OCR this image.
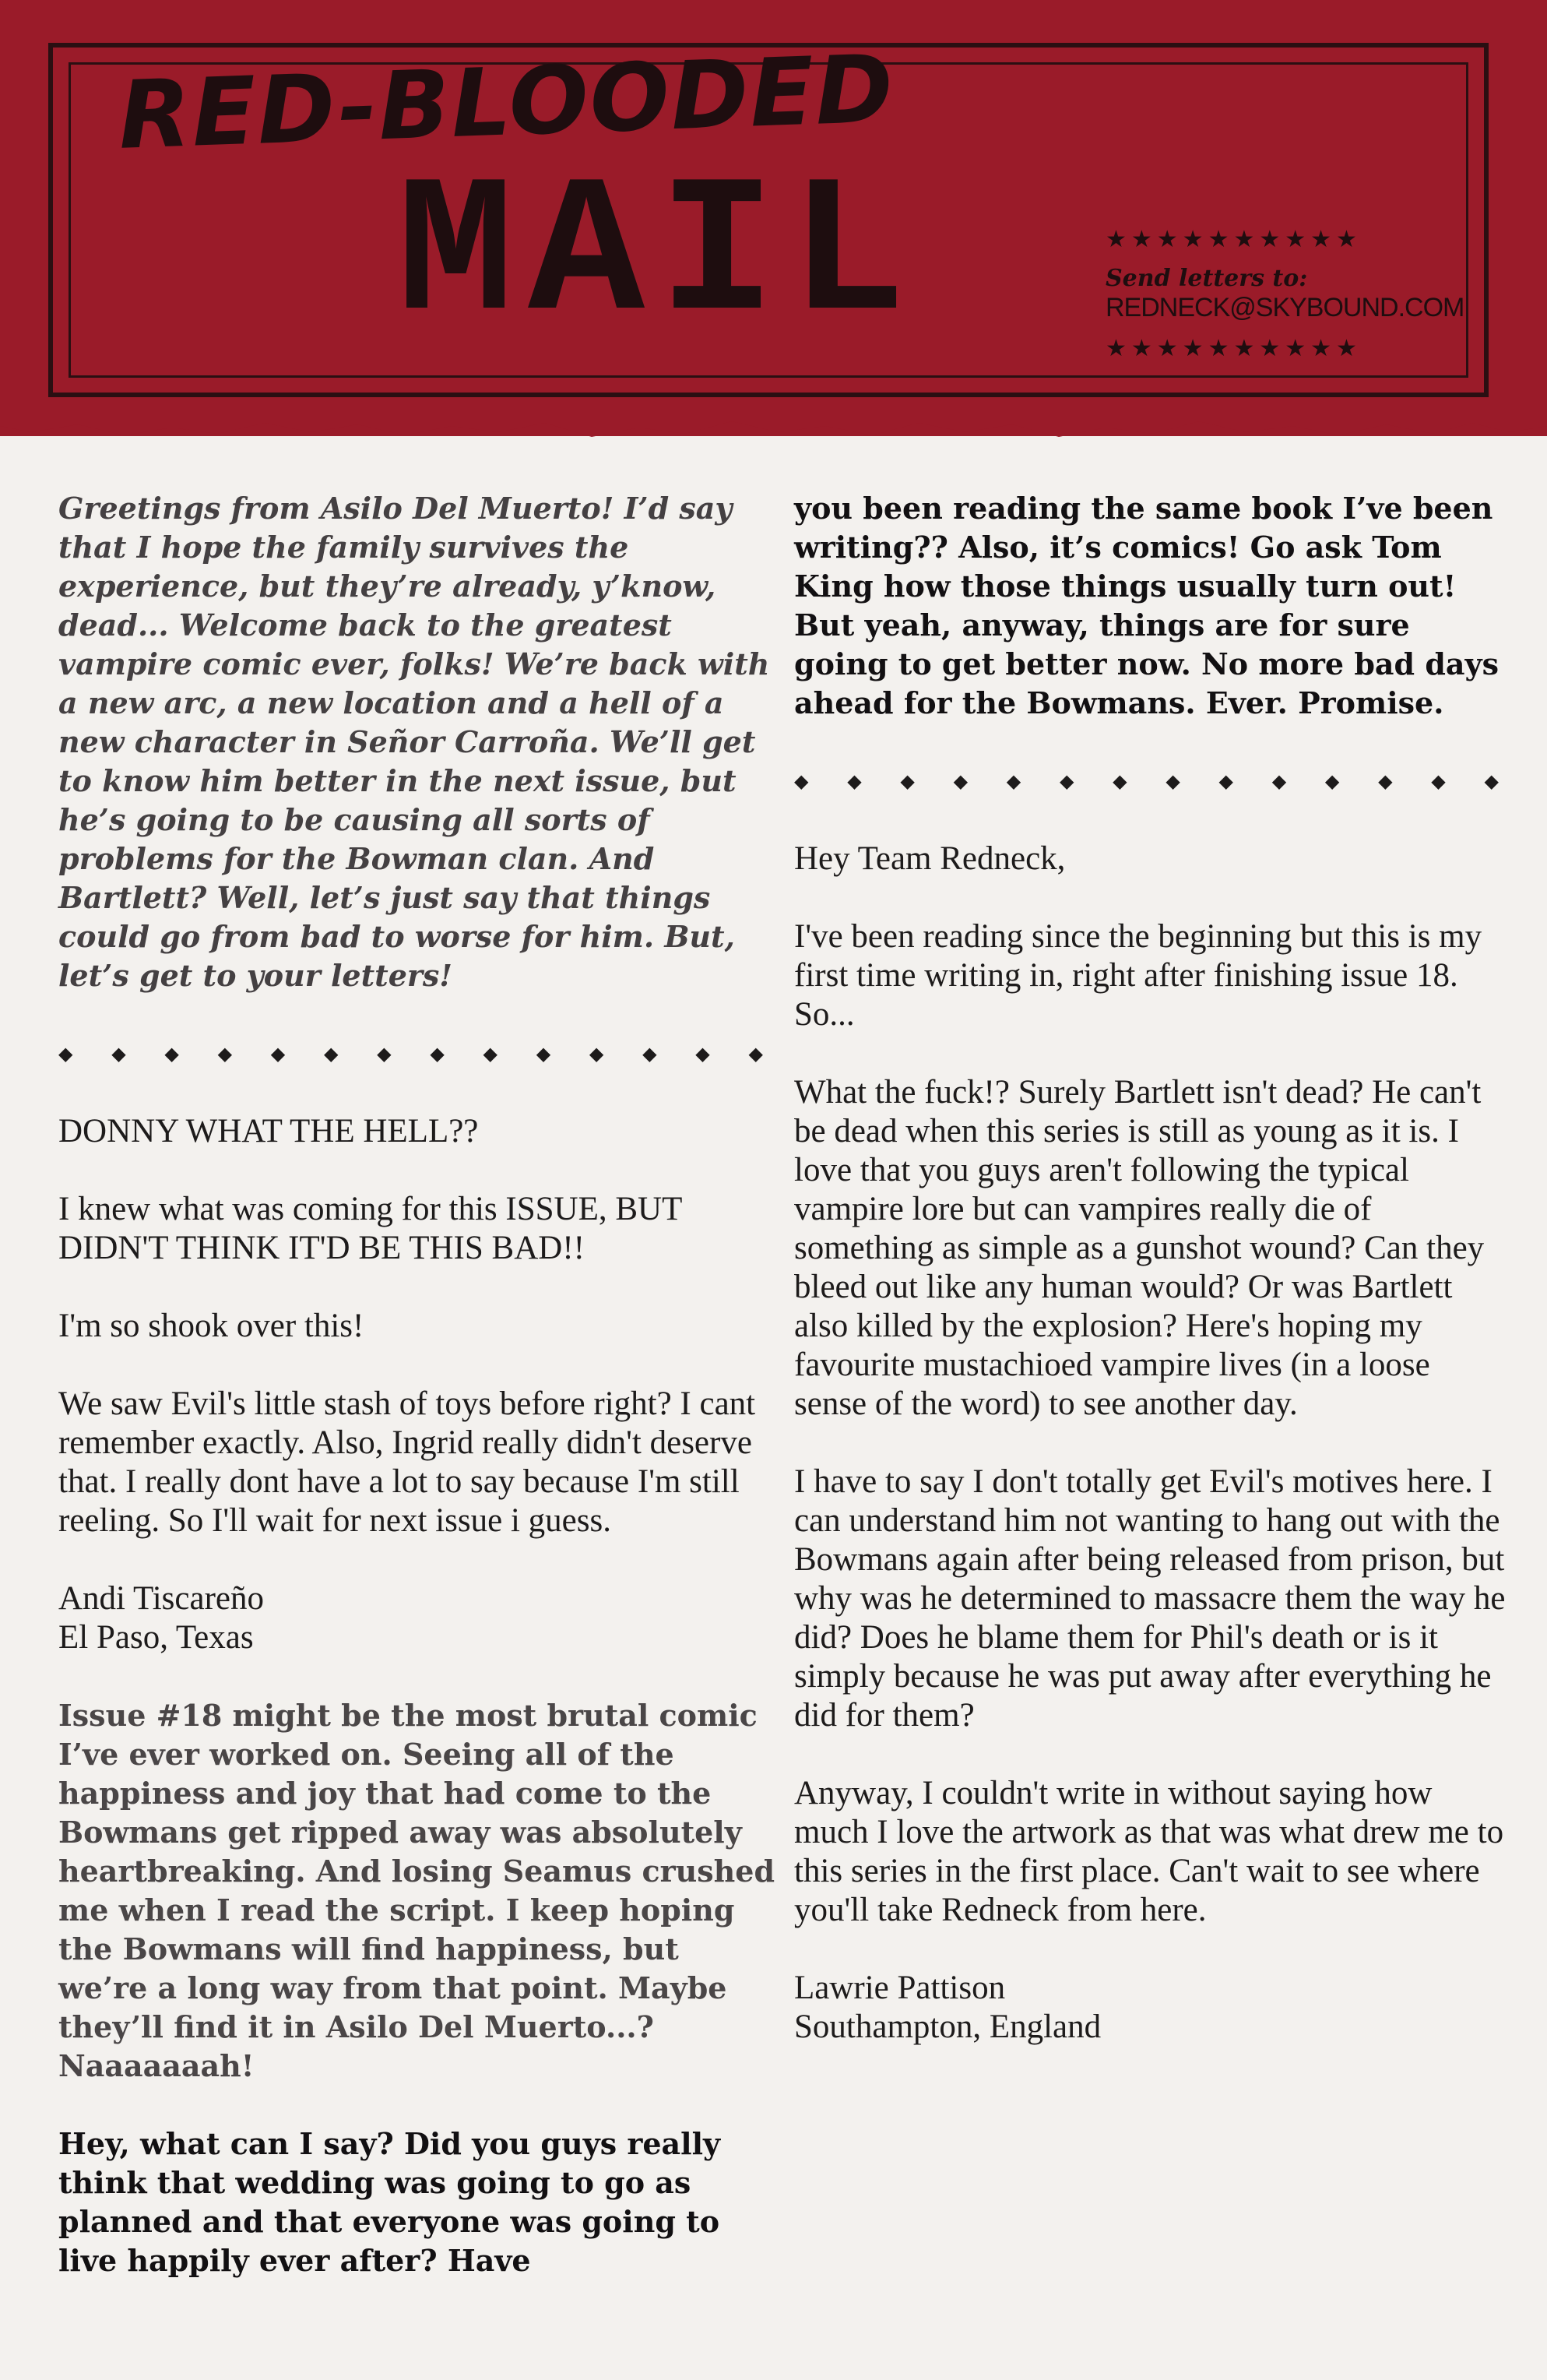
RED-BLOODED
MAIL	★★★★★★★★★★
Send letters to:
REDNECK@SKYBOUND.COM
★★★★★★★★★★

Greetings from Asilo Del Muerto! I’d say that I hope the family survives the experience, but they’re already, y’know, dead... Welcome back to the greatest vampire comic ever, folks! We’re back with a new arc, a new location and a hell of a new character in Señor Carroña. We’ll get to know him better in the next issue, but he’s going to be causing all sorts of problems for the Bowman clan. And Bartlett? Well, let’s just say that things could go from bad to worse for him. But, let’s get to your letters!

◆ ◆ ◆ ◆ ◆ ◆ ◆ ◆ ◆ ◆ ◆ ◆ ◆ ◆

DONNY WHAT THE HELL??

I knew what was coming for this ISSUE, BUT DIDN'T THINK IT'D BE THIS BAD!!

I'm so shook over this!

We saw Evil's little stash of toys before right? I cant remember exactly. Also, Ingrid really didn't deserve that. I really dont have a lot to say because I'm still reeling. So I'll wait for next issue i guess.

Andi Tiscareño
El Paso, Texas

Issue #18 might be the most brutal comic I’ve ever worked on. Seeing all of the happiness and joy that had come to the Bowmans get ripped away was absolutely heartbreaking. And losing Seamus crushed me when I read the script. I keep hoping the Bowmans will find happiness, but we’re a long way from that point. Maybe they’ll find it in Asilo Del Muerto...? Naaaaaaah!

Hey, what can I say? Did you guys really think that wedding was going to go as planned and that everyone was going to live happily ever after? Have

you been reading the same book I’ve been writing?? Also, it’s comics! Go ask Tom King how those things usually turn out! But yeah, anyway, things are for sure going to get better now. No more bad days ahead for the Bowmans. Ever. Promise.

◆ ◆ ◆ ◆ ◆ ◆ ◆ ◆ ◆ ◆ ◆ ◆ ◆ ◆

Hey Team Redneck,

I've been reading since the beginning but this is my first time writing in, right after finishing issue 18. So...

What the fuck!? Surely Bartlett isn't dead? He can't be dead when this series is still as young as it is. I love that you guys aren't following the typical vampire lore but can vampires really die of something as simple as a gunshot wound? Can they bleed out like any human would? Or was Bartlett also killed by the explosion? Here's hoping my favourite mustachioed vampire lives (in a loose sense of the word) to see another day.

I have to say I don't totally get Evil's motives here. I can understand him not wanting to hang out with the Bowmans again after being released from prison, but why was he determined to massacre them the way he did? Does he blame them for Phil's death or is it simply because he was put away after everything he did for them?

Anyway, I couldn't write in without saying how much I love the artwork as that was what drew me to this series in the first place. Can't wait to see where you'll take Redneck from here.

Lawrie Pattison
Southampton, England
